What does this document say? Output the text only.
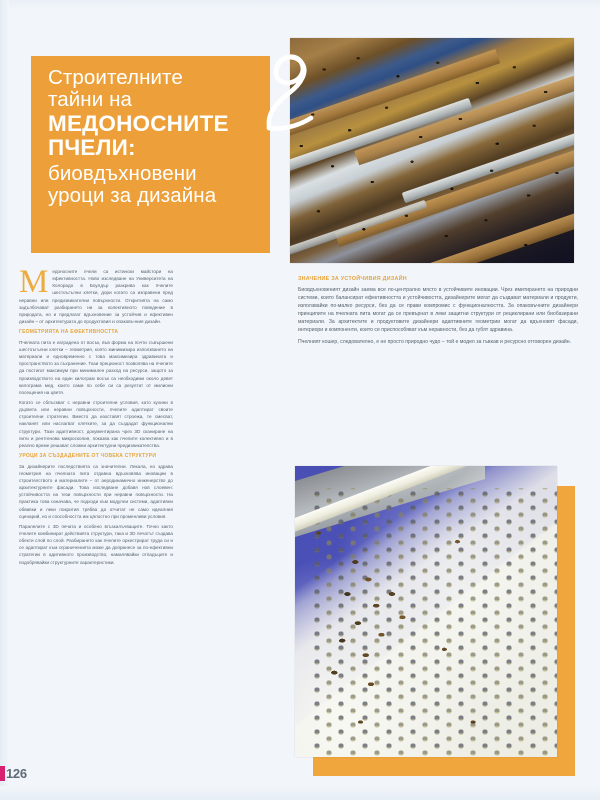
Строителните
тайни на
МЕДОНОСНИТЕ
ПЧЕЛИ:
биовдъхновени
уроци за дизайна
М едоносните пчели са истински майстори на ефективността. Ново изследване на Университета на Колорадо в Боулдър разкрива как пчелите шестоъгълни клетки, дори когато са изправени пред неравни или предизвикателни повърхности. Откритията на само задълбочават разбирането ни за колективното поведение в природата, но и предлагат вдъхновение за устойчив и ефективен дизайн – от архитектурата до продуктовия и опаковъчния дизайн.

ГЕОМЕТРИЯТА НА ЕФЕКТИВНОСТТА

Пчелната пита е изградена от восък, във форма на почти съвършени шестоъгълни клетки – геометрия, която минимизира използването на материали и едновременно с това максимизира здравината и пространството за съхранение. Тази прецизност позволява на пчелите да постигат максимум при минимален разход на ресурси, защото за производството на един килограм восък са необходими около девет килограма мед, които сами по себе си са резултат от милиони посещения на цветя.

Когато се сблъскват с неравни строителни условия, като кухини в дървета или неравни повърхности, пчелите адаптират своите строителни стратегии. Вместо да изоставят строежа, те смесват, накланят или наслагват клетките, за да създадат функционални структури. Тази адаптивност, документирана чрез 3D сканиране на пити и рентгенова микроскопия, показва как пчелите колективно и в реално време решават сложни архитектурни предизвикателства.

УРОЦИ ЗА СЪЗДАДЕНИТЕ ОТ ЧОВЕКА СТРУКТУРИ

За дизайнерите последствията са значителни. Лекала, но здрава геометрия на пчелната пита отдавна вдъхновява иновации в строителството и материалите – от аеродинамично инженерство до архитектурните фасади. Това изследване добавя нов слоeвен: устойчивостта на тези повърхности при неравни повърхности. На практика това означава, че подходи към модулни системи, адаптивни обвивки и леки покрития трябва да отчитат не само идеалния сценарий, но и способността им цялостно при променливи условия.

Паралелите с 3D печата и особено вгъзкалъчващите. Точно както пчелите комбинират действията структури, така и 3D печатът създава обекти слой по слой. Разбирането как пчелите оркестрират труда си и се адаптират към ограниченията може да допринесе за по-ефективни стратегии в адитивното производство, намалявайки отпадъците и подобрявайки структурните характеристики.

ЗНАЧЕНИЕ ЗА УСТОЙЧИВИЯ ДИЗАЙН

Биовдъхновеният дизайн заема все по-централно място в устойчивите иновации. Чрез имитирането на природни системи, които балансират ефективността и устойчивостта, дизайнерите могат да създават материали и продукти, използвайки по-малко ресурси, без да се прави компромис с функционалността. За опаковъчните дизайнери принципите на пчелната пита могат да се превърнат в леки защитни структури от рециклирани или биобазирани материали. За архитектите и продуктовите дизайнери адаптивните геометрии могат да вдъхновят фасади, интериори и компоненти, които се приспособяват към неравности, без да губят здравина.

Пчелният кошер, следователно, е не просто природно чудо – той е модел за гъвкав и ресурсно отговорен дизайн.

126
